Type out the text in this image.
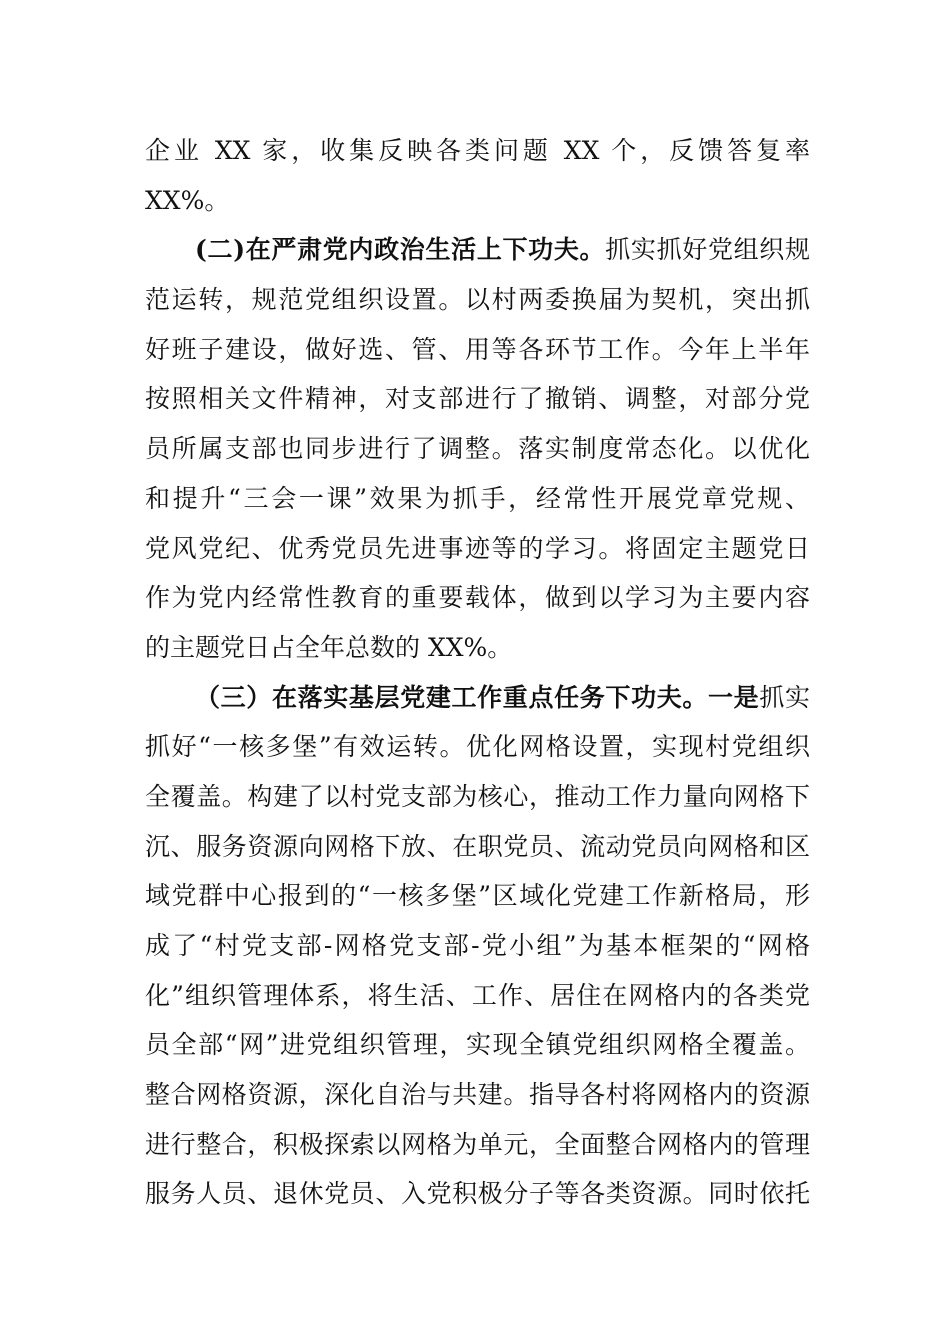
企业 XX 家，收集反映各类问题 XX 个，反馈答复率
XX%。
(二)在严肃党内政治生活上下功夫。抓实抓好党组织规
范运转，规范党组织设置。以村两委换届为契机，突出抓
好班子建设，做好选、管、用等各环节工作。今年上半年
按照相关文件精神，对支部进行了撤销、调整，对部分党
员所属支部也同步进行了调整。落实制度常态化。以优化
和提升“三会一课”效果为抓手，经常性开展党章党规、
党风党纪、优秀党员先进事迹等的学习。将固定主题党日
作为党内经常性教育的重要载体，做到以学习为主要内容
的主题党日占全年总数的 XX%。
（三）在落实基层党建工作重点任务下功夫。一是抓实
抓好“一核多堡”有效运转。优化网格设置，实现村党组织
全覆盖。构建了以村党支部为核心，推动工作力量向网格下
沉、服务资源向网格下放、在职党员、流动党员向网格和区
域党群中心报到的“一核多堡”区域化党建工作新格局，形
成了“村党支部-网格党支部-党小组”为基本框架的“网格
化”组织管理体系，将生活、工作、居住在网格内的各类党
员全部“网”进党组织管理，实现全镇党组织网格全覆盖。
整合网格资源，深化自治与共建。指导各村将网格内的资源
进行整合，积极探索以网格为单元，全面整合网格内的管理
服务人员、退休党员、入党积极分子等各类资源。同时依托
